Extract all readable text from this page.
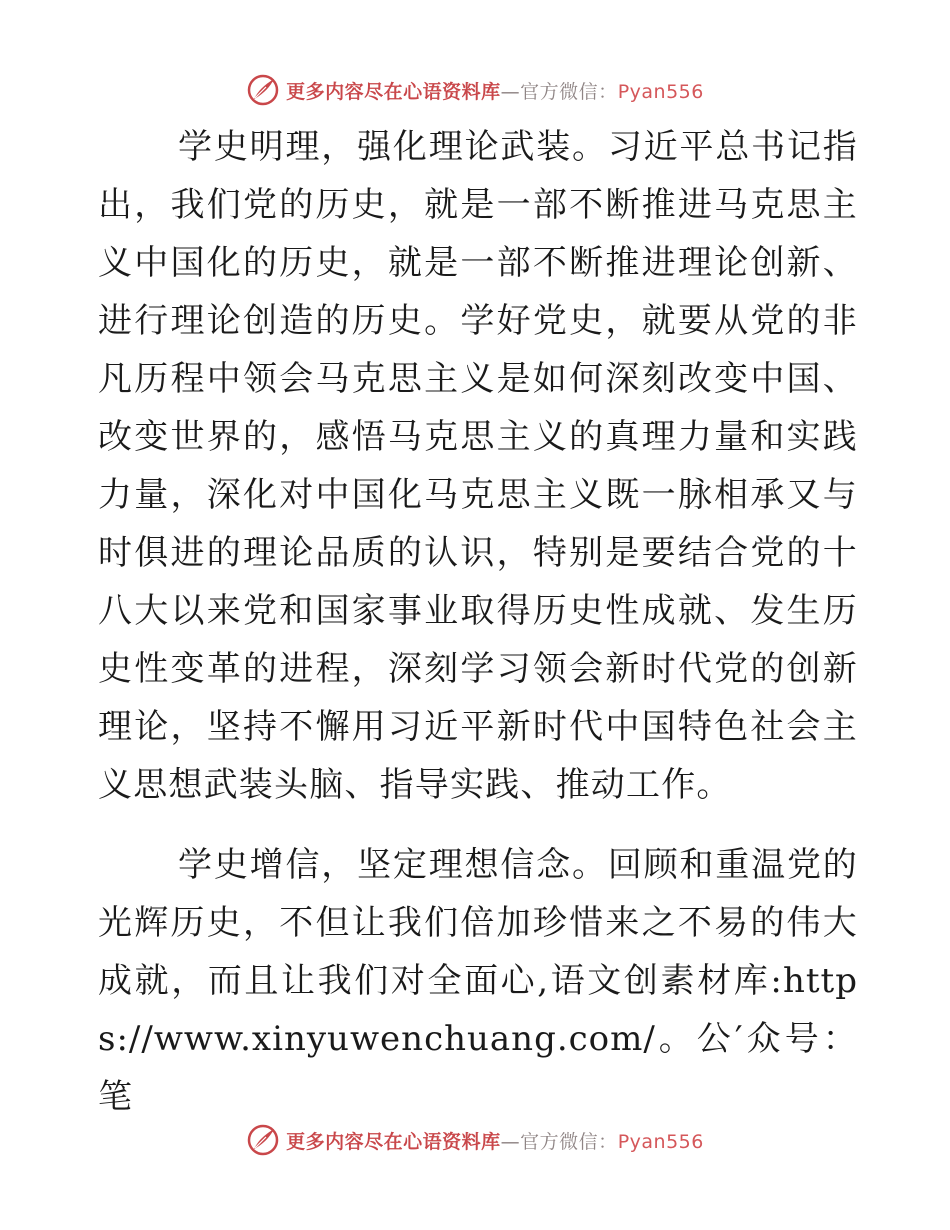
更多内容尽在心语资料库—官方微信：Pyan556

学史明理，强化理论武装。习近平总书记指出，我们党的历史，就是一部不断推进马克思主义中国化的历史，就是一部不断推进理论创新、进行理论创造的历史。学好党史，就要从党的非凡历程中领会马克思主义是如何深刻改变中国、改变世界的，感悟马克思主义的真理力量和实践力量，深化对中国化马克思主义既一脉相承又与时俱进的理论品质的认识，特别是要结合党的十八大以来党和国家事业取得历史性成就、发生历史性变革的进程，深刻学习领会新时代党的创新理论，坚持不懈用习近平新时代中国特色社会主义思想武装头脑、指导实践、推动工作。

学史增信，坚定理想信念。回顾和重温党的光辉历史，不但让我们倍加珍惜来之不易的伟大成就，而且让我们对全面心,语文创素材库:https://www.xinyuwenchuang.com/。公′众号：笔

更多内容尽在心语资料库—官方微信：Pyan556
